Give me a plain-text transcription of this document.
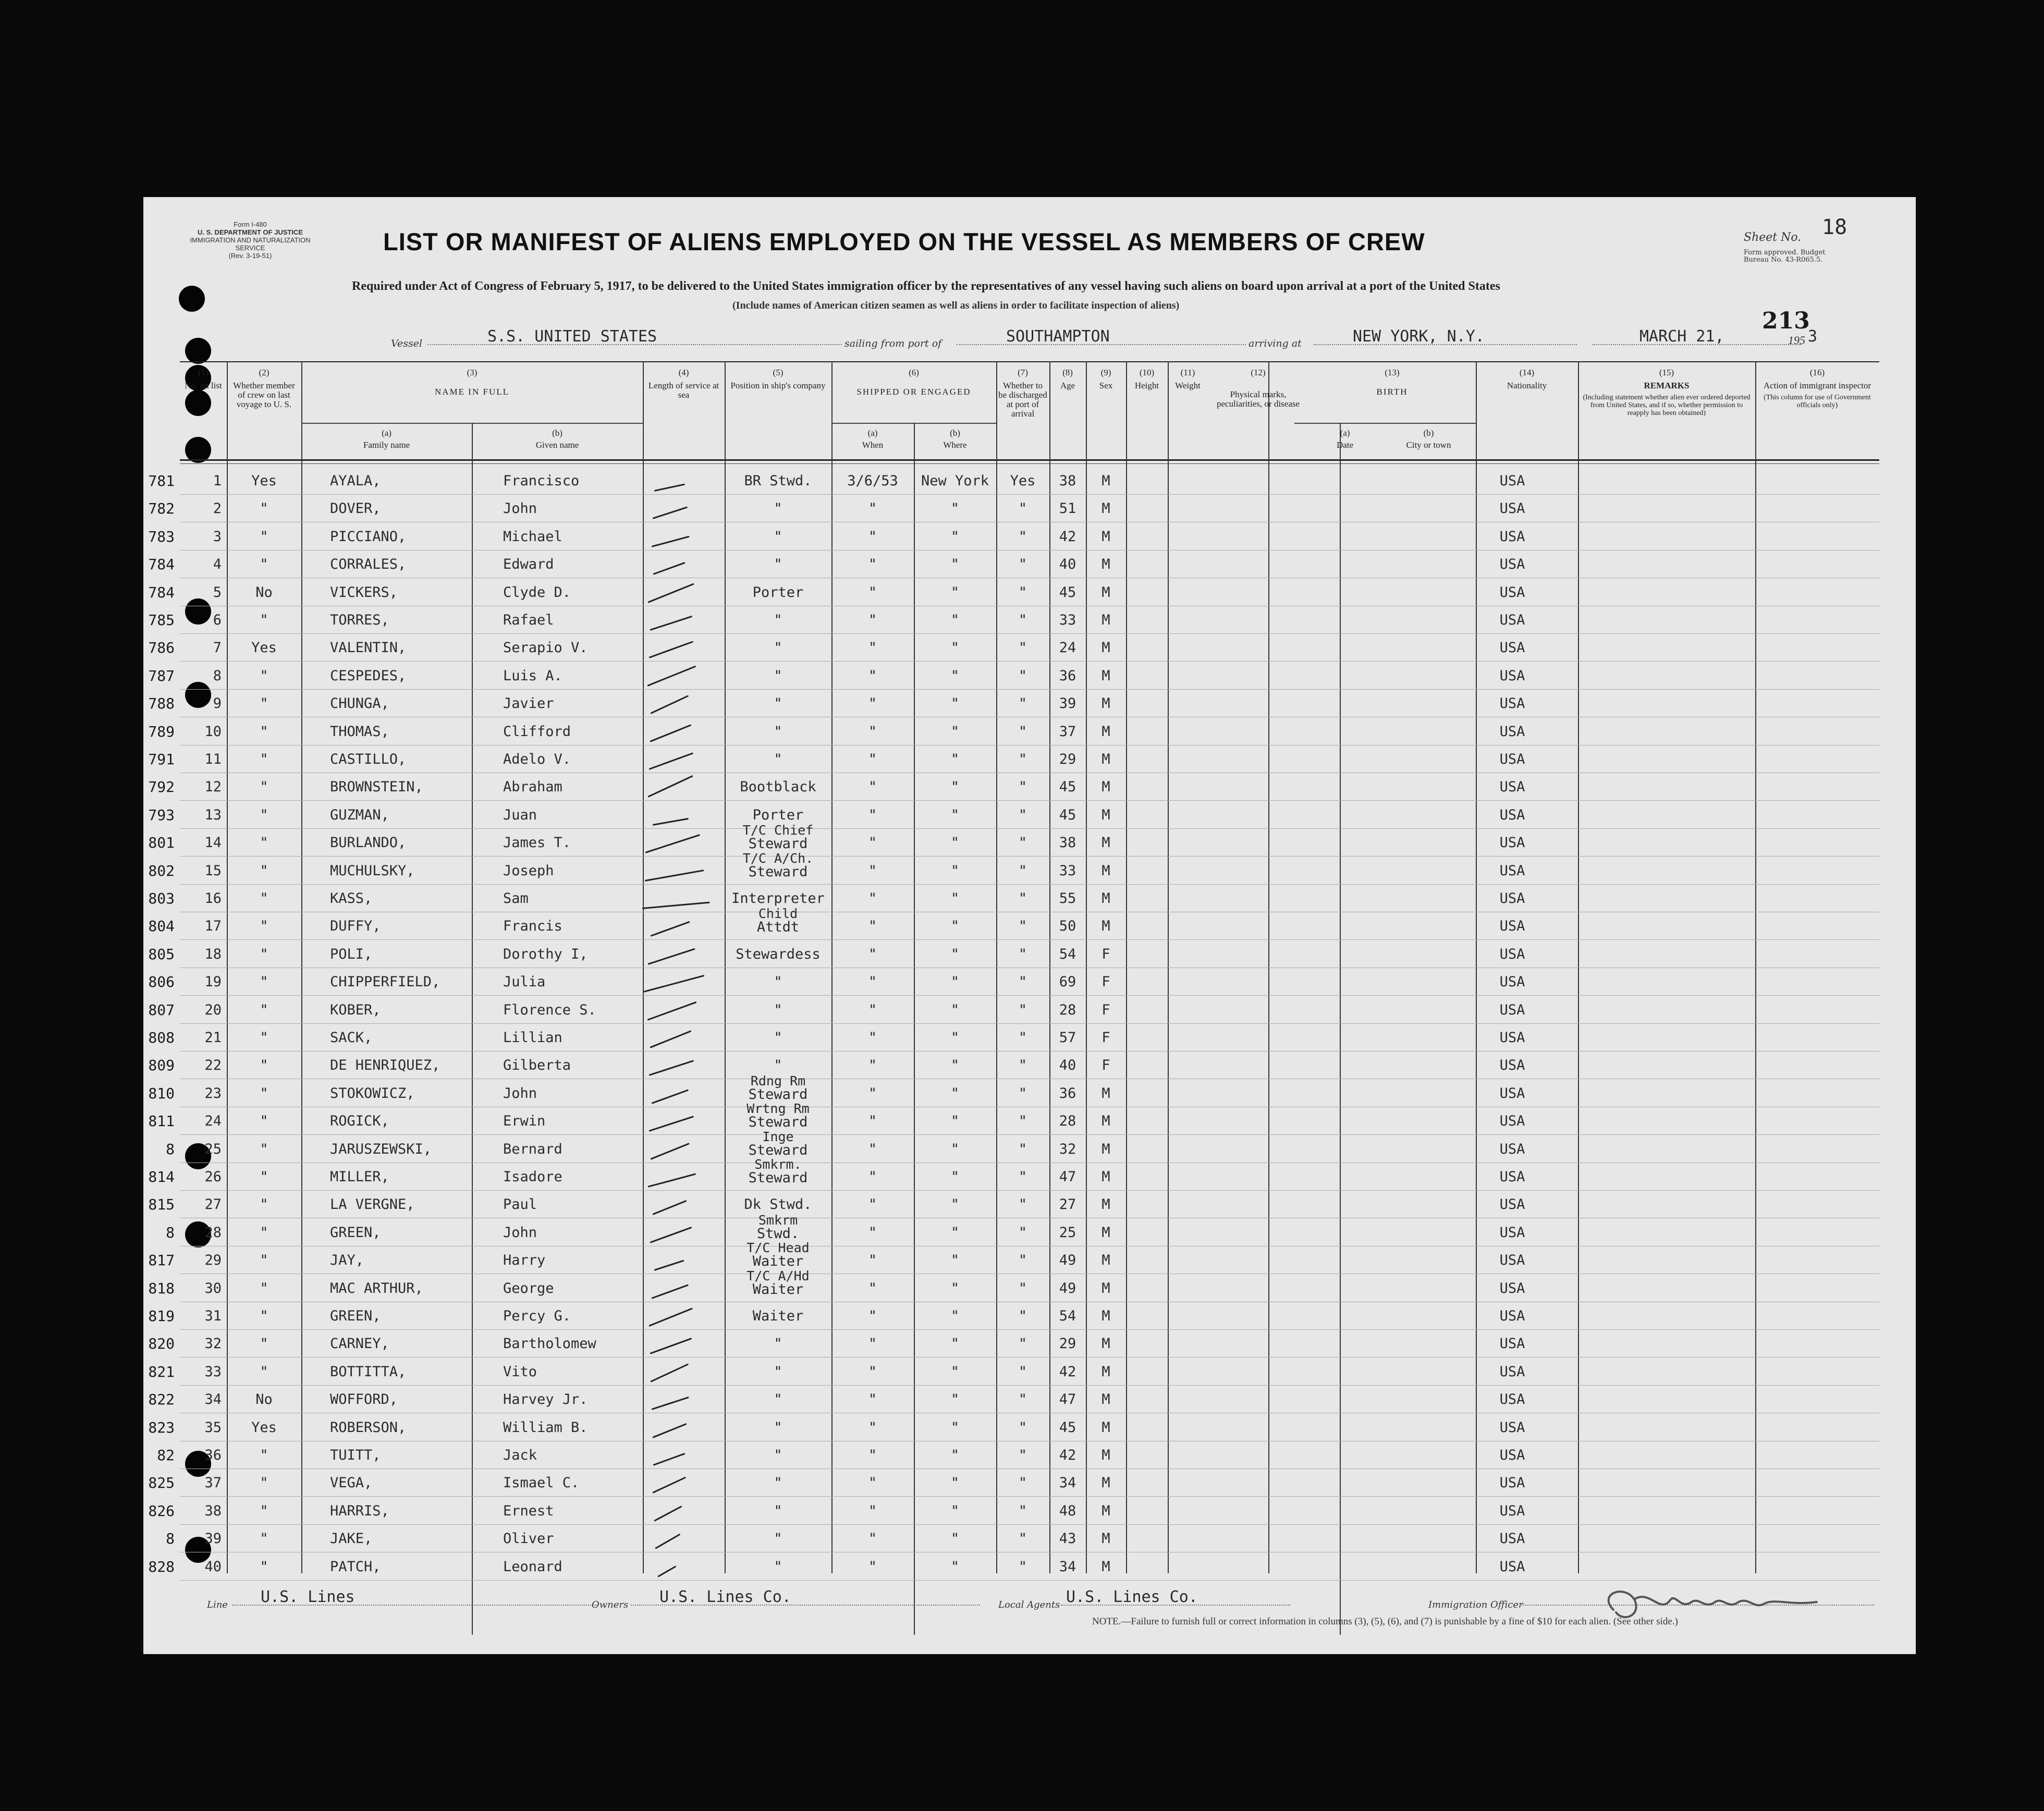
Form I-480
U. S. DEPARTMENT OF JUSTICE
IMMIGRATION AND NATURALIZATION SERVICE
(Rev. 3-19-51)
LIST OR MANIFEST OF ALIENS EMPLOYED ON THE VESSEL AS MEMBERS OF CREW	Sheet No. 18
Form approved. Budget Bureau No. 43-R065.5.
Required under Act of Congress of February 5, 1917, to be delivered to the United States immigration officer by the representatives of any vessel having such aliens on board upon arrival at a port of the United States
(Include names of American citizen seamen as well as aliens in order to facilitate inspection of aliens)
213
Vessel	S.S. UNITED STATES	sailing from port of	SOUTHAMPTON	arriving at	NEW YORK, N.Y.	MARCH 21,	195 3
(1)
No. on list
(2)
Whether member of crew on last voyage to U. S.
(4)
Length of service at sea
(5)
Position in ship's company
(7)
Whether to be discharged at port of arrival
(8)
Age
(9)
Sex
(10)
Height
(11)
Weight
(14)
Nationality
(15)
REMARKS
(Including statement whether alien ever ordered deported from United States, and if so, whether permission to reapply has been obtained)
(16)
Action of immigrant inspector
(This column for use of Government officials only)
(12)
Physical marks, peculiarities, or disease
(3)
NAME IN FULL
(a)
Family name
(b)
Given name
(6)
SHIPPED OR ENGAGED
(a)
When
(b)
Where
(13)
BIRTH
(a)
Date
(b)
City or town
781	1	Yes	AYALA,	Francisco	BR Stwd.	3/6/53	New York	Yes	38	M	USA
782	2	"	DOVER,	John	"	"	"	"	51	M	USA
783	3	"	PICCIANO,	Michael	"	"	"	"	42	M	USA
784	4	"	CORRALES,	Edward	"	"	"	"	40	M	USA
784	5	No	VICKERS,	Clyde D.	Porter	"	"	"	45	M	USA
785	6	"	TORRES,	Rafael	"	"	"	"	33	M	USA
786	7	Yes	VALENTIN,	Serapio V.	"	"	"	"	24	M	USA
787	8	"	CESPEDES,	Luis A.	"	"	"	"	36	M	USA
788	9	"	CHUNGA,	Javier	"	"	"	"	39	M	USA
789	10	"	THOMAS,	Clifford	"	"	"	"	37	M	USA
791	11	"	CASTILLO,	Adelo V.	"	"	"	"	29	M	USA
792	12	"	BROWNSTEIN,	Abraham	Bootblack	"	"	"	45	M	USA
793	13	"	GUZMAN,	Juan	Porter	"	"	"	45	M	USA
801	14	"	BURLANDO,	James T.
T/C Chief
Steward	"	"	"	38	M	USA
802	15	"	MUCHULSKY,	Joseph
T/C A/Ch.
Steward	"	"	"	33	M	USA
803	16	"	KASS,	Sam	Interpreter	"	"	"	55	M	USA
804	17	"	DUFFY,	Francis
Child
Attdt	"	"	"	50	M	USA
805	18	"	POLI,	Dorothy I,	Stewardess	"	"	"	54	F	USA
806	19	"	CHIPPERFIELD,	Julia	"	"	"	"	69	F	USA
807	20	"	KOBER,	Florence S.	"	"	"	"	28	F	USA
808	21	"	SACK,	Lillian	"	"	"	"	57	F	USA
809	22	"	DE HENRIQUEZ,	Gilberta	"	"	"	"	40	F	USA
810	23	"	STOKOWICZ,	John
Rdng Rm
Steward	"	"	"	36	M	USA
811	24	"	ROGICK,	Erwin
Wrtng Rm
Steward	"	"	"	28	M	USA
8	25	"	JARUSZEWSKI,	Bernard
Inge
Steward	"	"	"	32	M	USA
814	26	"	MILLER,	Isadore
Smkrm.
Steward	"	"	"	47	M	USA
815	27	"	LA VERGNE,	Paul	Dk Stwd.	"	"	"	27	M	USA
8	28	"	GREEN,	John
Smkrm
Stwd.	"	"	"	25	M	USA
817	29	"	JAY,	Harry
T/C Head
Waiter	"	"	"	49	M	USA
818	30	"	MAC ARTHUR,	George
T/C A/Hd
Waiter	"	"	"	49	M	USA
819	31	"	GREEN,	Percy G.	Waiter	"	"	"	54	M	USA
820	32	"	CARNEY,	Bartholomew	"	"	"	"	29	M	USA
821	33	"	BOTTITTA,	Vito	"	"	"	"	42	M	USA
822	34	No	WOFFORD,	Harvey Jr.	"	"	"	"	47	M	USA
823	35	Yes	ROBERSON,	William B.	"	"	"	"	45	M	USA
82	36	"	TUITT,	Jack	"	"	"	"	42	M	USA
825	37	"	VEGA,	Ismael C.	"	"	"	"	34	M	USA
826	38	"	HARRIS,	Ernest	"	"	"	"	48	M	USA
8	39	"	JAKE,	Oliver	"	"	"	"	43	M	USA
828	40	"	PATCH,	Leonard	"	"	"	"	34	M	USA
Line U.S. Lines	Owners U.S. Lines Co.	Local Agents U.S. Lines Co.	Immigration Officer
NOTE.—Failure to furnish full or correct information in columns (3), (5), (6), and (7) is punishable by a fine of $10 for each alien. (See other side.)
